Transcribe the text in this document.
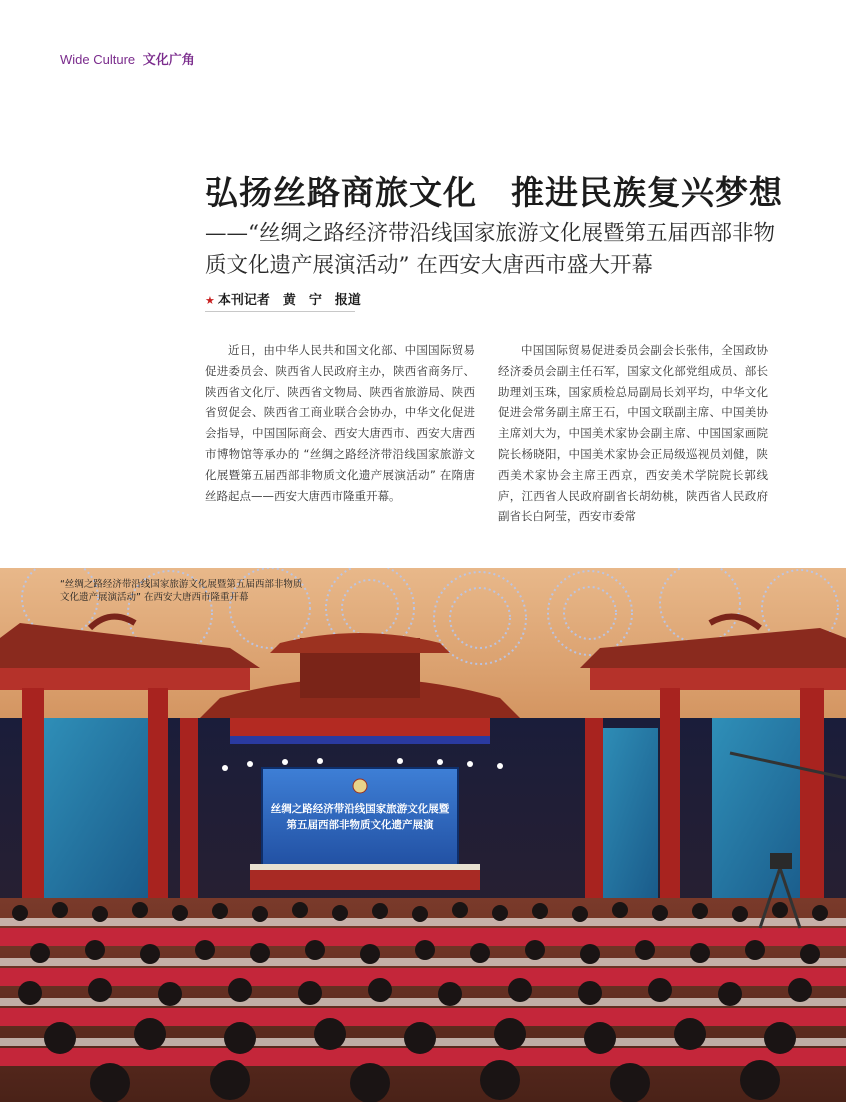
Wide Culture 文化广角
弘扬丝路商旅文化　推进民族复兴梦想
——“丝绸之路经济带沿线国家旅游文化展暨第五届西部非物
质文化遗产展演活动” 在西安大唐西市盛大开幕
★ 本刊记者　黄　宁　报道

近日，由中华人民共和国文化部、中国国际贸易促进委员会、陕西省人民政府主办，陕西省商务厅、陕西省文化厅、陕西省文物局、陕西省旅游局、陕西省贸促会、陕西省工商业联合会协办，中华文化促进会指导，中国国际商会、西安大唐西市、西安大唐西市博物馆等承办的 “丝绸之路经济带沿线国家旅游文化展暨第五届西部非物质文化遗产展演活动” 在隋唐丝路起点——西安大唐西市隆重开幕。

中国国际贸易促进委员会副会长张伟，全国政协经济委员会副主任石军，国家文化部党组成员、部长助理刘玉珠，国家质检总局副局长刘平均，中华文化促进会常务副主席王石，中国文联副主席、中国美协主席刘大为，中国美术家协会副主席、中国国家画院院长杨晓阳，中国美术家协会正局级巡视员刘健，陕西美术家协会主席王西京，西安美术学院院长郭线庐，江西省人民政府副省长胡幼桃，陕西省人民政府副省长白阿莹，西安市委常

丝绸之路经济带沿线国家旅游文化展暨
第五届西部非物质文化遗产展演

“丝绸之路经济带沿线国家旅游文化展暨第五届西部非物质

文化遗产展演活动” 在西安大唐西市隆重开幕
